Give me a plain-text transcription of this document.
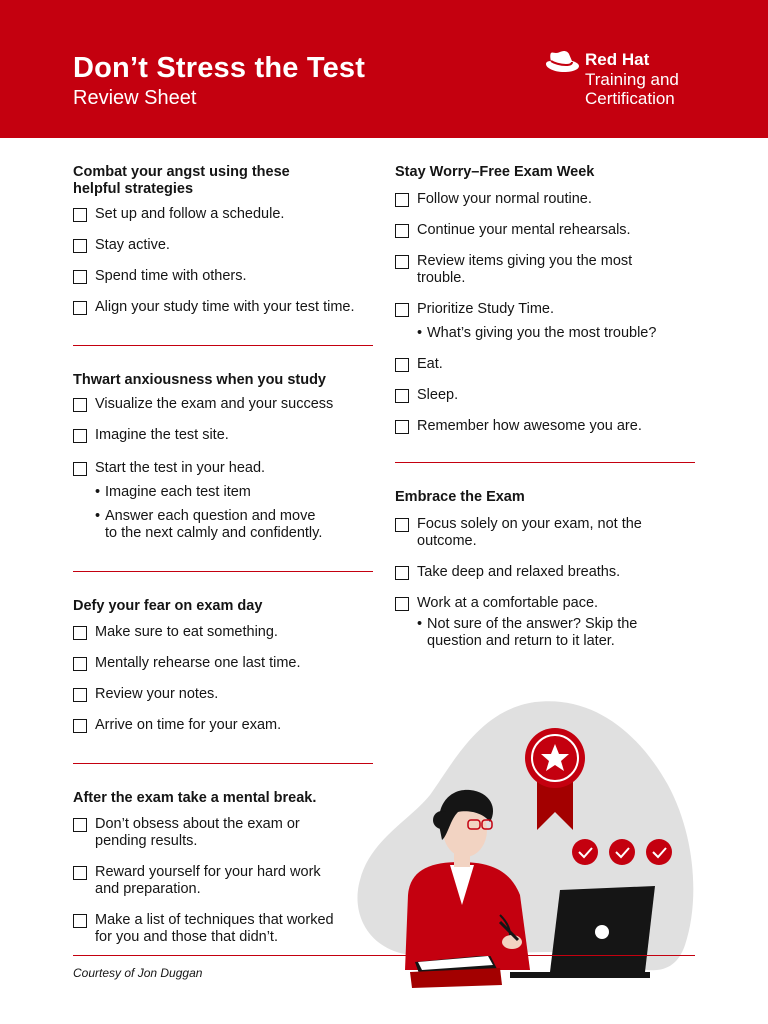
Don’t Stress the Test
Review Sheet
Red Hat
Training and
Certification
Combat your angst using these
helpful strategies
Set up and follow a schedule.
Stay active.
Spend time with others.
Align your study time with your test time.
Thwart anxiousness when you study
Visualize the exam and your success
Imagine the test site.
Start the test in your head.
• Imagine each test item
• Answer each question and move
to the next calmly and confidently.
Defy your fear on exam day
Make sure to eat something.
Mentally rehearse one last time.
Review your notes.
Arrive on time for your exam.
After the exam take a mental break.
Don’t obsess about the exam or
pending results.
Reward yourself for your hard work
and preparation.
Make a list of techniques that worked
for you and those that didn’t.
Stay Worry–Free Exam Week
Follow your normal routine.
Continue your mental rehearsals.
Review items giving you the most
trouble.
Prioritize Study Time.
• What’s giving you the most trouble?
Eat.
Sleep.
Remember how awesome you are.
Embrace the Exam
Focus solely on your exam, not the
outcome.
Take deep and relaxed breaths.
Work at a comfortable pace.
• Not sure of the answer? Skip the
question and return to it later.
Courtesy of Jon Duggan
